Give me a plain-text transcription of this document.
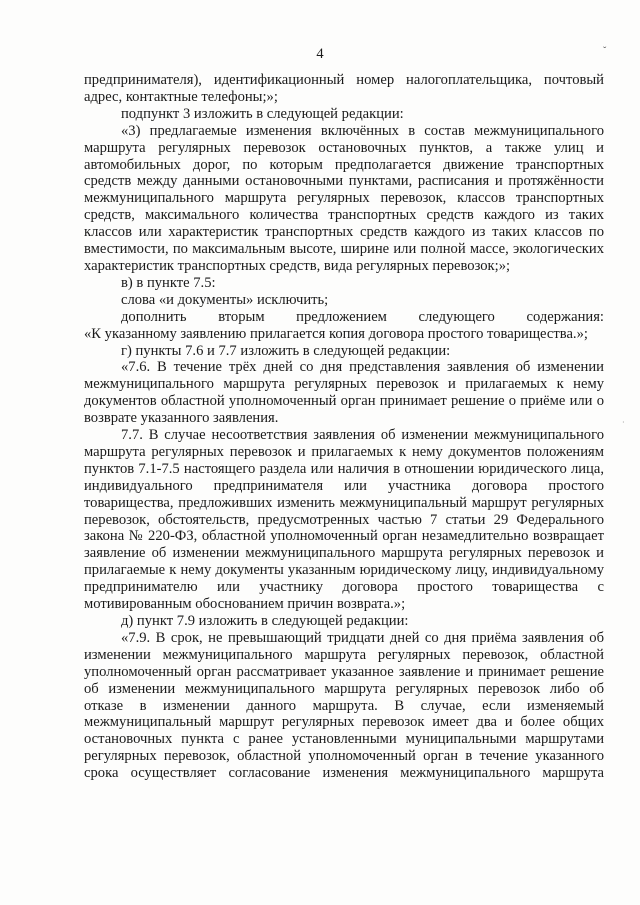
4	ˇ
·

предпринимателя), идентификационный номер налогоплательщика, почтовый адрес, контактные телефоны;»;

подпункт 3 изложить в следующей редакции:

«3) предлагаемые изменения включённых в состав межмуниципального маршрута регулярных перевозок остановочных пунктов, а также улиц и автомобильных дорог, по которым предполагается движение транспортных средств между данными остановочными пунктами, расписания и протяжённости межмуниципального маршрута регулярных перевозок, классов транспортных средств, максимального количества транспортных средств каждого из таких классов или характеристик транспортных средств каждого из таких классов по вместимости, по максимальным высоте, ширине или полной массе, экологических характеристик транспортных средств, вида регулярных перевозок;»;

в) в пункте 7.5:

слова «и документы» исключить;

дополнить вторым предложением следующего содержания:

«К указанному заявлению прилагается копия договора простого товарищества.»;

г) пункты 7.6 и 7.7 изложить в следующей редакции:

«7.6. В течение трёх дней со дня представления заявления об изменении межмуниципального маршрута регулярных перевозок и прилагаемых к нему документов областной уполномоченный орган принимает решение о приёме или о возврате указанного заявления.

7.7. В случае несоответствия заявления об изменении межмуниципального маршрута регулярных перевозок и прилагаемых к нему документов положениям пунктов 7.1-7.5 настоящего раздела или наличия в отношении юридического лица, индивидуального предпринимателя или участника договора простого товарищества, предложивших изменить межмуниципальный маршрут регулярных перевозок, обстоятельств, предусмотренных частью 7 статьи 29 Федерального закона № 220-ФЗ, областной уполномоченный орган незамедлительно возвращает заявление об изменении межмуниципального маршрута регулярных перевозок и прилагаемые к нему документы указанным юридическому лицу, индивидуальному предпринимателю или участнику договора простого товарищества с мотивированным обоснованием причин возврата.»;

д) пункт 7.9 изложить в следующей редакции:

«7.9. В срок, не превышающий тридцати дней со дня приёма заявления об изменении межмуниципального маршрута регулярных перевозок, областной уполномоченный орган рассматривает указанное заявление и принимает решение об изменении межмуниципального маршрута регулярных перевозок либо об отказе в изменении данного маршрута. В случае, если изменяемый межмуниципальный маршрут регулярных перевозок имеет два и более общих остановочных пункта с ранее установленными муниципальными маршрутами регулярных перевозок, областной уполномоченный орган в течение указанного срока осуществляет согласование изменения межмуниципального маршрута
